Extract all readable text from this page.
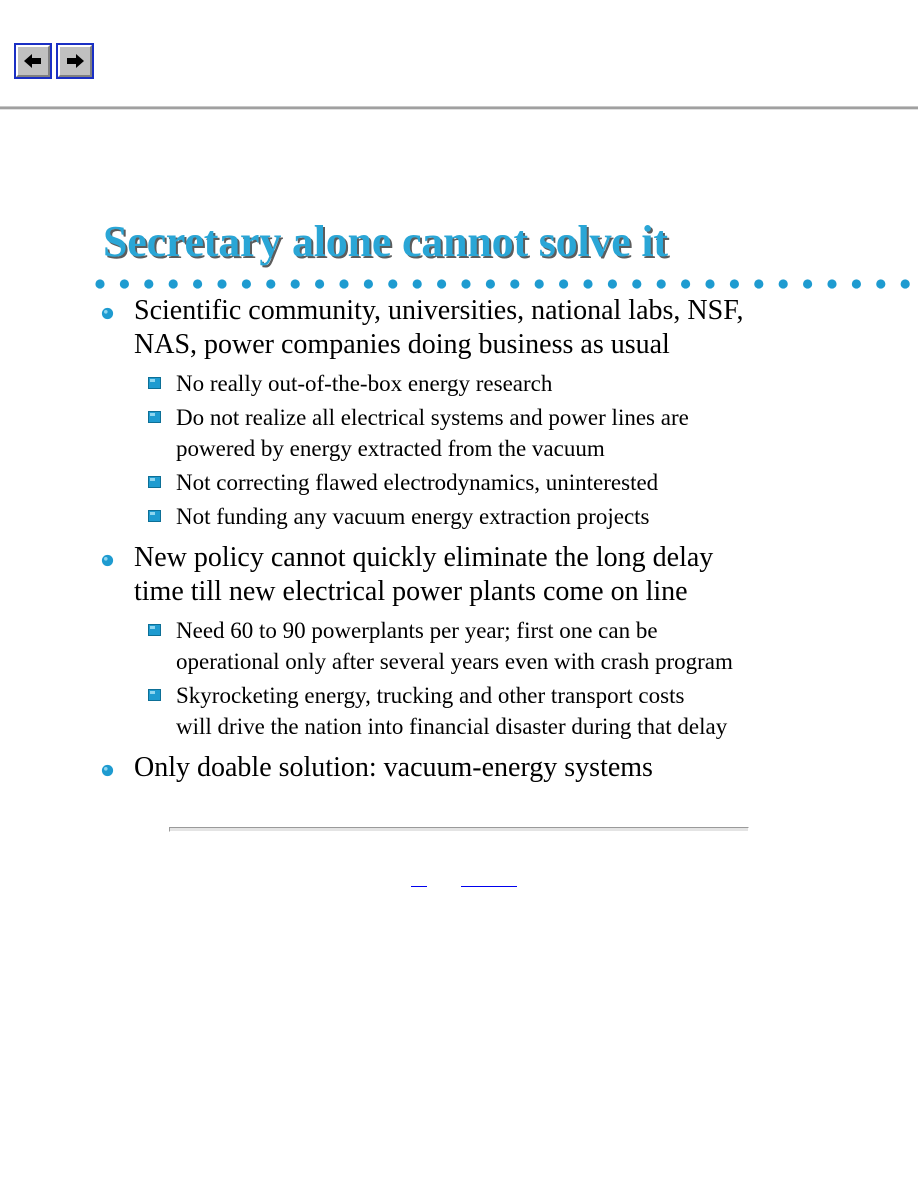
Secretary alone cannot solve it
Scientific community, universities, national labs, NSF,
NAS, power companies doing business as usual
No really out-of-the-box energy research
Do not realize all electrical systems and power lines are
powered by energy extracted from the vacuum
Not correcting flawed electrodynamics, uninterested
Not funding any vacuum energy extraction projects
New policy cannot quickly eliminate the long delay
time till new electrical power plants come on line
Need 60 to 90 powerplants per year; first one can be
operational only after several years even with crash program
Skyrocketing energy, trucking and other transport costs
will drive the nation into financial disaster during that delay
Only doable solution: vacuum-energy systems
